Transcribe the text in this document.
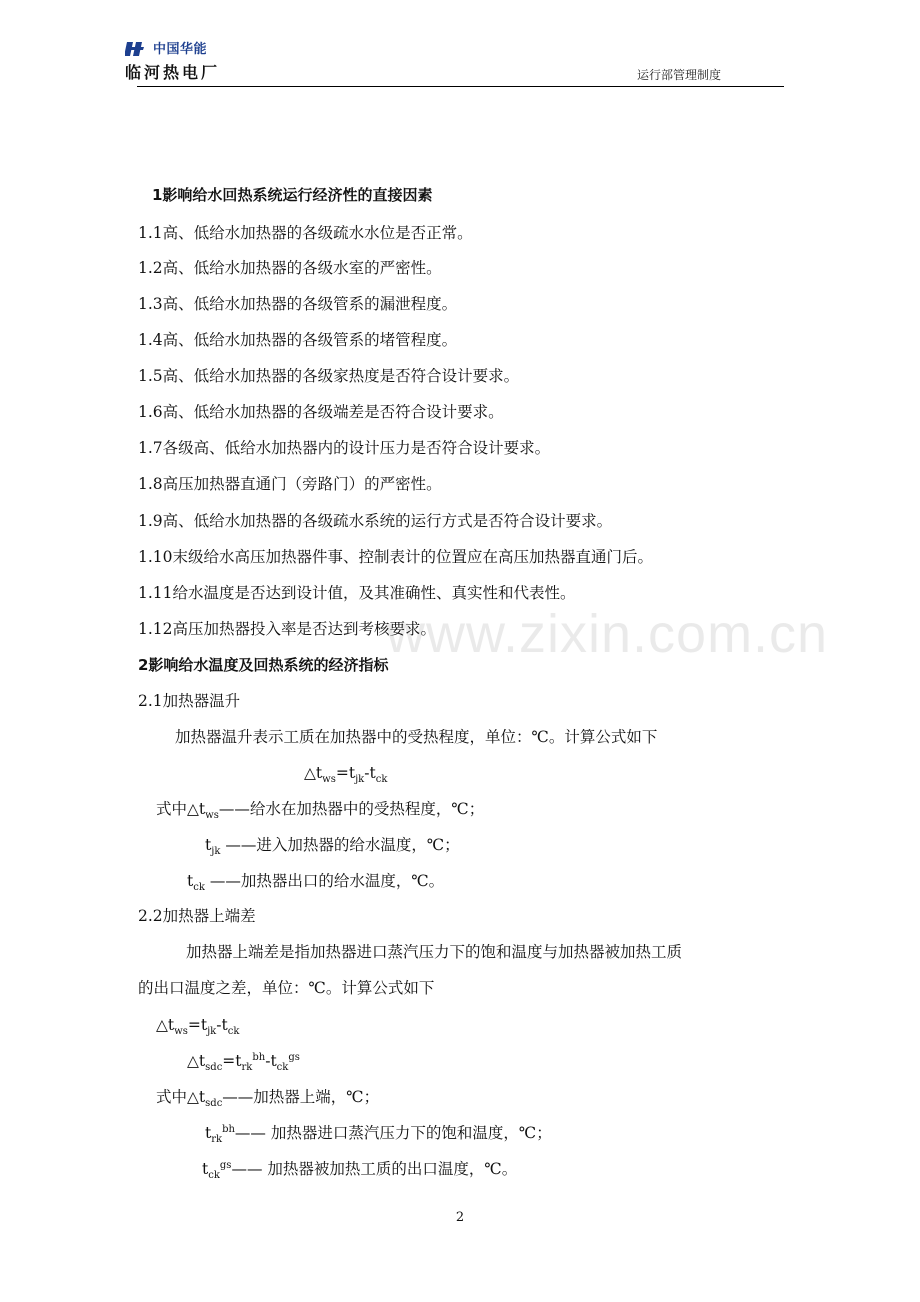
中国华能
临河热电厂	运行部管理制度
www.zixin.com.cn
1影响给水回热系统运行经济性的直接因素
1.1高、低给水加热器的各级疏水水位是否正常。
1.2高、低给水加热器的各级水室的严密性。
1.3高、低给水加热器的各级管系的漏泄程度。
1.4高、低给水加热器的各级管系的堵管程度。
1.5高、低给水加热器的各级家热度是否符合设计要求。
1.6高、低给水加热器的各级端差是否符合设计要求。
1.7各级高、低给水加热器内的设计压力是否符合设计要求。
1.8高压加热器直通门（旁路门）的严密性。
1.9高、低给水加热器的各级疏水系统的运行方式是否符合设计要求。
1.10末级给水高压加热器件事、控制表计的位置应在高压加热器直通门后。
1.11给水温度是否达到设计值，及其准确性、真实性和代表性。
1.12高压加热器投入率是否达到考核要求。
2影响给水温度及回热系统的经济指标
2.1加热器温升
加热器温升表示工质在加热器中的受热程度，单位：℃。计算公式如下
$\triangle t_{ws}=t_{jk}-t_{ck}$
式中$\triangle t_{ws}——$给水在加热器中的受热程度，℃；
$t_{jk}$ ——进入加热器的给水温度，℃；
$t_{ck}$ ——加热器出口的给水温度，℃。
2.2加热器上端差
加热器上端差是指加热器进口蒸汽压力下的饱和温度与加热器被加热工质
的出口温度之差，单位：℃。计算公式如下
$\triangle t_{ws}=t_{jk}-t_{ck}$
$\triangle t_{sdc}=t_{rk}^{bh}-t_{ck}^{gs}$
式中$\triangle t_{sdc}——$加热器上端，℃；
$t_{rk}^{bh}——$ 加热器进口蒸汽压力下的饱和温度，℃；
$t_{ck}^{gs}——$ 加热器被加热工质的出口温度，℃。
2
